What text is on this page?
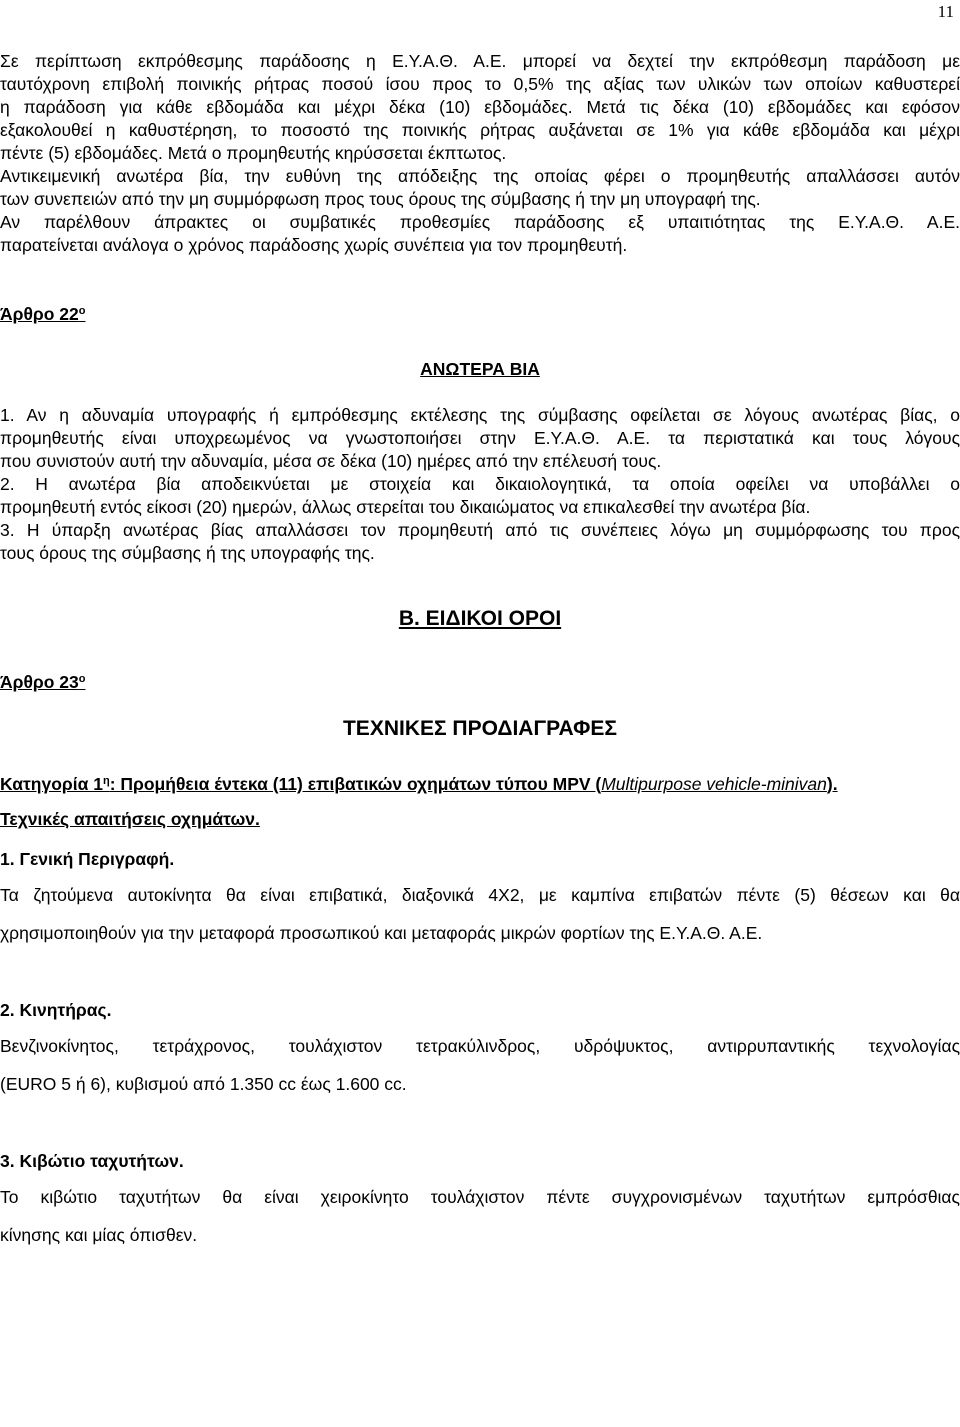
11
Σε περίπτωση εκπρόθεσμης παράδοσης η Ε.Υ.Α.Θ. Α.Ε. μπορεί να δεχτεί την εκπρόθεσμη παράδοση με
ταυτόχρονη επιβολή ποινικής ρήτρας ποσού ίσου προς το 0,5% της αξίας των υλικών των οποίων καθυστερεί
η παράδοση για κάθε εβδομάδα και μέχρι δέκα (10) εβδομάδες. Μετά τις δέκα (10) εβδομάδες και εφόσον
εξακολουθεί η καθυστέρηση, το ποσοστό της ποινικής ρήτρας αυξάνεται σε 1% για κάθε εβδομάδα και μέχρι
πέντε (5) εβδομάδες. Μετά ο προμηθευτής κηρύσσεται έκπτωτος.
Αντικειμενική ανωτέρα βία, την ευθύνη της απόδειξης της οποίας φέρει ο προμηθευτής απαλλάσσει αυτόν
των συνεπειών από την μη συμμόρφωση προς τους όρους της σύμβασης ή την μη υπογραφή της.
Αν παρέλθουν άπρακτες οι συμβατικές προθεσμίες παράδοσης εξ υπαιτιότητας της Ε.Υ.Α.Θ. Α.Ε.
παρατείνεται ανάλογα ο χρόνος παράδοσης χωρίς συνέπεια για τον προμηθευτή.
Άρθρο $22^o$
ΑΝΩΤΕΡΑ ΒΙΑ
1. Αν η αδυναμία υπογραφής ή εμπρόθεσμης εκτέλεσης της σύμβασης οφείλεται σε λόγους ανωτέρας βίας, ο
προμηθευτής είναι υποχρεωμένος να γνωστοποιήσει στην Ε.Υ.Α.Θ. Α.Ε. τα περιστατικά και τους λόγους
που συνιστούν αυτή την αδυναμία, μέσα σε δέκα (10) ημέρες από την επέλευσή τους.
2. Η ανωτέρα βία αποδεικνύεται με στοιχεία και δικαιολογητικά, τα οποία οφείλει να υποβάλλει ο
προμηθευτή εντός είκοσι (20) ημερών, άλλως στερείται του δικαιώματος να επικαλεσθεί την ανωτέρα βία.
3. Η ύπαρξη ανωτέρας βίας απαλλάσσει τον προμηθευτή από τις συνέπειες λόγω μη συμμόρφωσης του προς
τους όρους της σύμβασης ή της υπογραφής της.
Β. ΕΙΔΙΚΟΙ ΟΡΟΙ
Άρθρο $23^o$
ΤΕΧΝΙΚΕΣ ΠΡΟΔΙΑΓΡΑΦΕΣ
Κατηγορία $1^\eta$: Προμήθεια έντεκα (11) επιβατικών οχημάτων τύπου MPV (Multipurpose vehicle-minivan).
Τεχνικές απαιτήσεις οχημάτων.
1. Γενική Περιγραφή.
Τα ζητούμενα αυτοκίνητα θα είναι επιβατικά, διαξονικά 4Χ2, με καμπίνα επιβατών πέντε (5) θέσεων και θα
χρησιμοποιηθούν για την μεταφορά προσωπικού και μεταφοράς μικρών φορτίων της Ε.Υ.Α.Θ. Α.Ε.
2. Κινητήρας.
Βενζινοκίνητος, τετράχρονος, τουλάχιστον τετρακύλινδρος, υδρόψυκτος, αντιρρυπαντικής τεχνολογίας
(EURO 5 ή 6), κυβισμού από 1.350 cc έως 1.600 cc.
3. Κιβώτιο ταχυτήτων.
Το κιβώτιο ταχυτήτων θα είναι χειροκίνητο τουλάχιστον πέντε συγχρονισμένων ταχυτήτων εμπρόσθιας
κίνησης και μίας όπισθεν.
